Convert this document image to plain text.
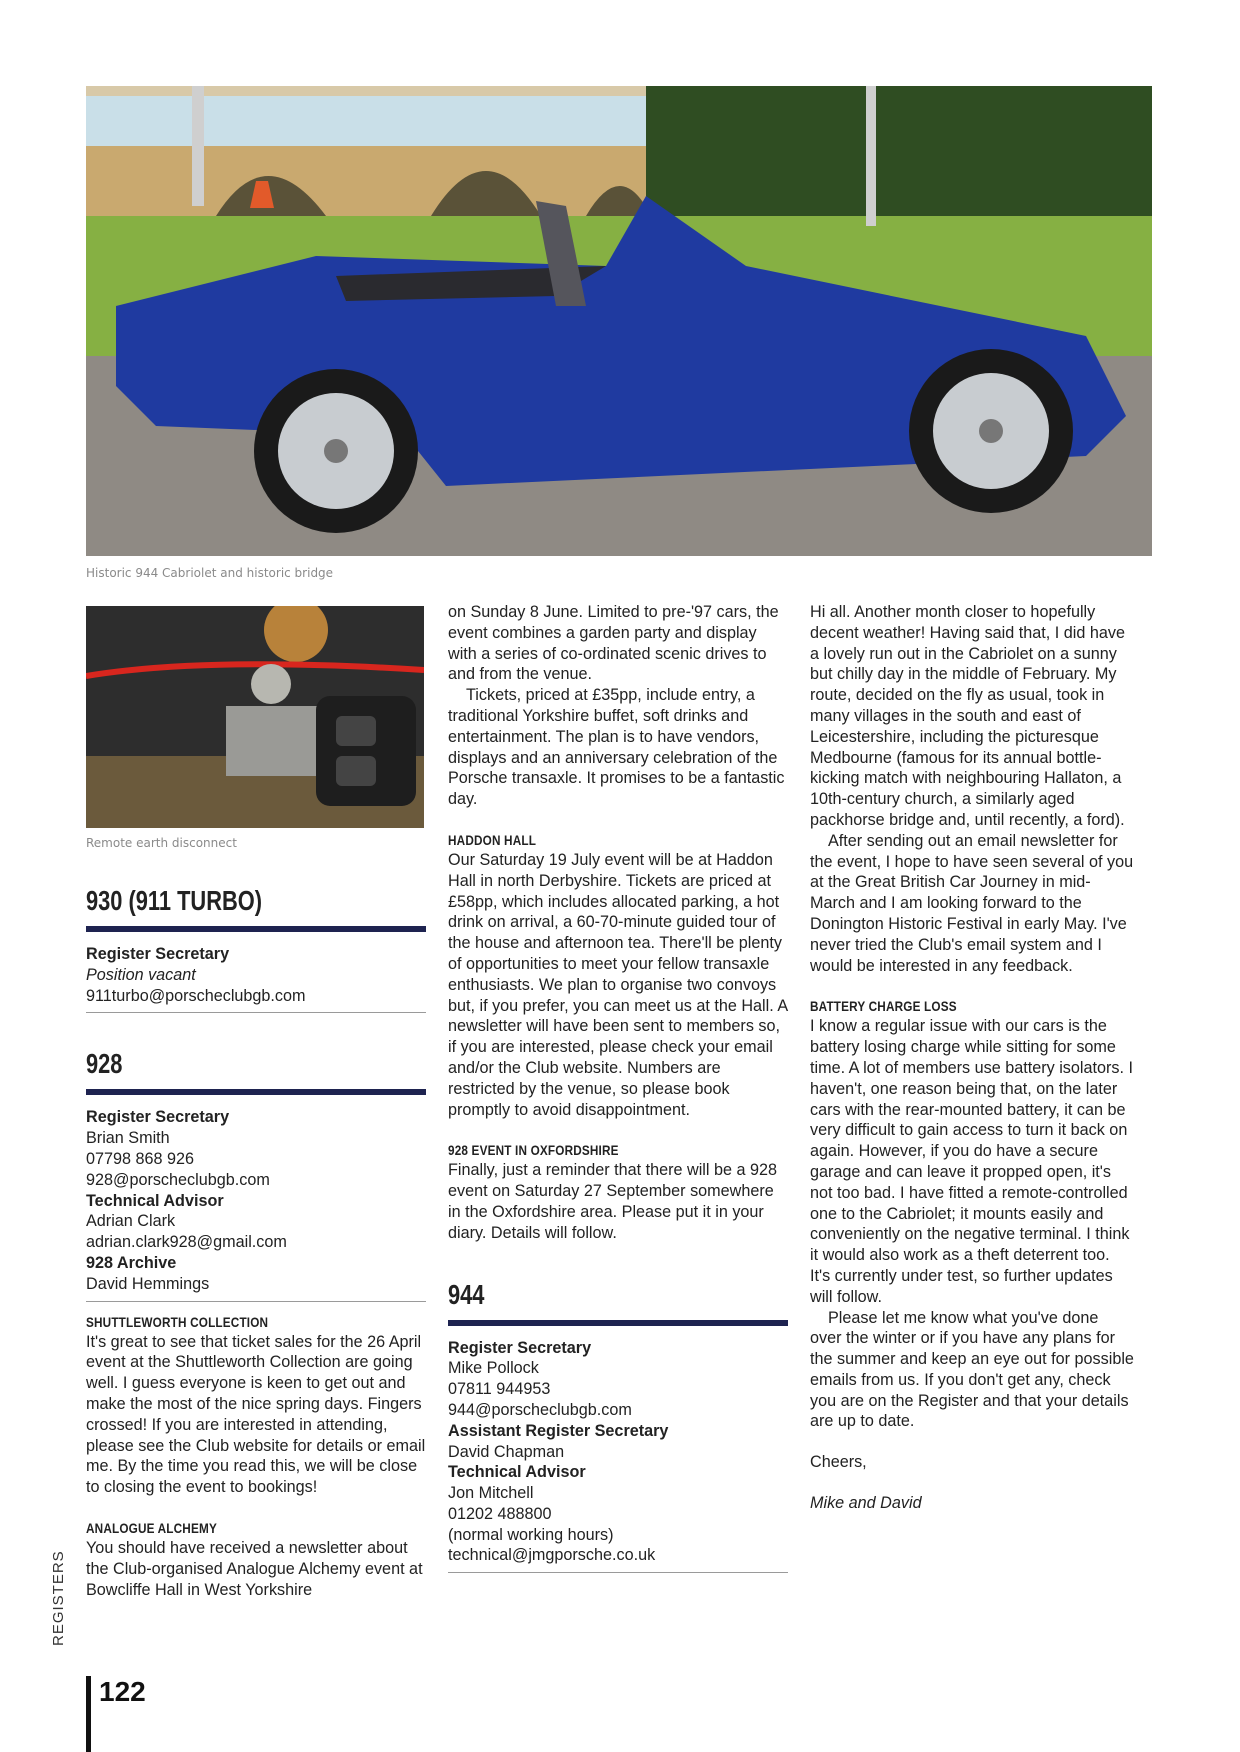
Historic 944 Cabriolet and historic bridge
Remote earth disconnect
930 (911 TURBO)

Register Secretary

Position vacant

911turbo@porscheclubgb.com

928

Register Secretary

Brian Smith

07798 868 926

928@porscheclubgb.com

Technical Advisor

Adrian Clark

adrian.clark928@gmail.com

928 Archive

David Hemmings

SHUTTLEWORTH COLLECTION

It's great to see that ticket sales for the 26 April event at the Shuttleworth Collection are going well. I guess everyone is keen to get out and make the most of the nice spring days. Fingers crossed! If you are interested in attending, please see the Club website for details or email me. By the time you read this, we will be close to closing the event to bookings!

ANALOGUE ALCHEMY

You should have received a newsletter about the Club-organised Analogue Alchemy event at Bowcliffe Hall in West Yorkshire

on Sunday 8 June. Limited to pre-'97 cars, the event combines a garden party and display with a series of co-ordinated scenic drives to and from the venue.

Tickets, priced at £35pp, include entry, a traditional Yorkshire buffet, soft drinks and entertainment. The plan is to have vendors, displays and an anniversary celebration of the Porsche transaxle. It promises to be a fantastic day.

HADDON HALL

Our Saturday 19 July event will be at Haddon Hall in north Derbyshire. Tickets are priced at £58pp, which includes allocated parking, a hot drink on arrival, a 60-70-minute guided tour of the house and afternoon tea. There'll be plenty of opportunities to meet your fellow transaxle enthusiasts. We plan to organise two convoys but, if you prefer, you can meet us at the Hall. A newsletter will have been sent to members so, if you are interested, please check your email and/or the Club website. Numbers are restricted by the venue, so please book promptly to avoid disappointment.

928 EVENT IN OXFORDSHIRE

Finally, just a reminder that there will be a 928 event on Saturday 27 September somewhere in the Oxfordshire area. Please put it in your diary. Details will follow.

944

Register Secretary

Mike Pollock

07811 944953

944@porscheclubgb.com

Assistant Register Secretary

David Chapman

Technical Advisor

Jon Mitchell

01202 488800

(normal working hours)

technical@jmgporsche.co.uk

Hi all. Another month closer to hopefully decent weather! Having said that, I did have a lovely run out in the Cabriolet on a sunny but chilly day in the middle of February. My route, decided on the fly as usual, took in many villages in the south and east of Leicestershire, including the picturesque Medbourne (famous for its annual bottle-kicking match with neighbouring Hallaton, a 10th-century church, a similarly aged packhorse bridge and, until recently, a ford).

After sending out an email newsletter for the event, I hope to have seen several of you at the Great British Car Journey in mid-March and I am looking forward to the Donington Historic Festival in early May. I've never tried the Club's email system and I would be interested in any feedback.

BATTERY CHARGE LOSS

I know a regular issue with our cars is the battery losing charge while sitting for some time. A lot of members use battery isolators. I haven't, one reason being that, on the later cars with the rear-mounted battery, it can be very difficult to gain access to turn it back on again. However, if you do have a secure garage and can leave it propped open, it's not too bad. I have fitted a remote-controlled one to the Cabriolet; it mounts easily and conveniently on the negative terminal. I think it would also work as a theft deterrent too. It's currently under test, so further updates will follow.

Please let me know what you've done over the winter or if you have any plans for the summer and keep an eye out for possible emails from us. If you don't get any, check you are on the Register and that your details are up to date.

Cheers,

Mike and David

REGISTERS
122
